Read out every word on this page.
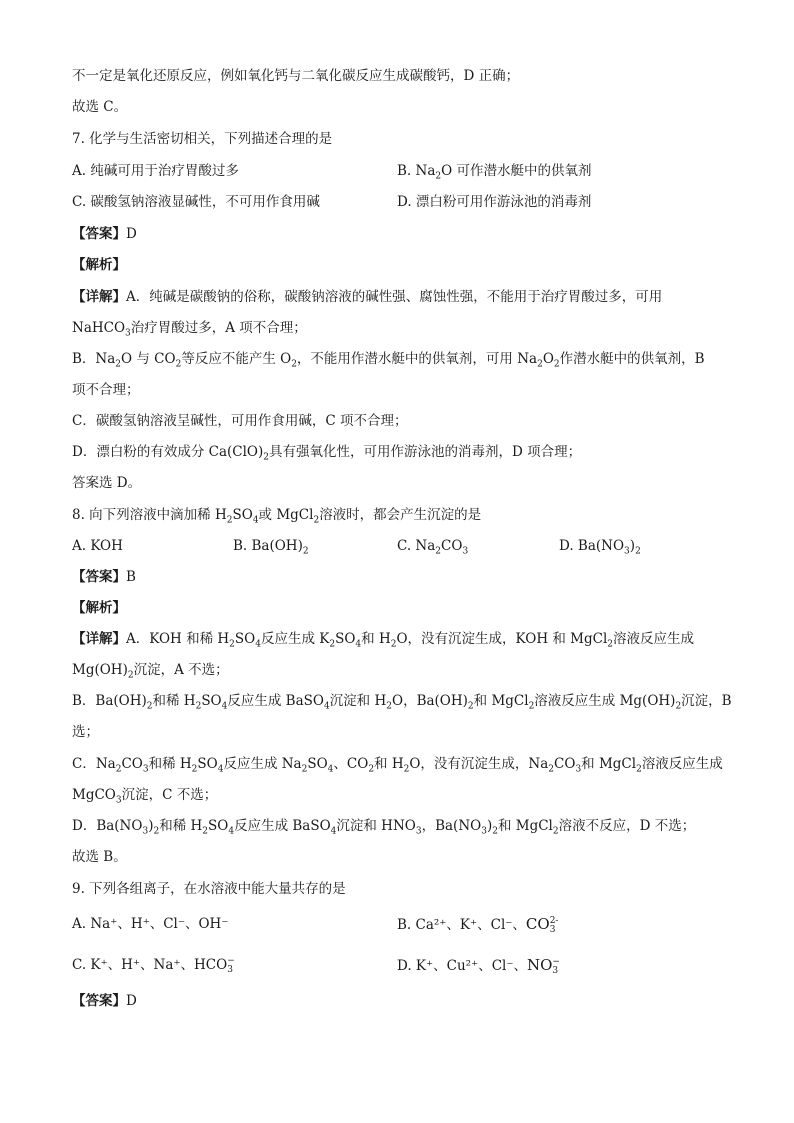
不一定是氧化还原反应，例如氧化钙与二氧化碳反应生成碳酸钙，D 正确；
故选 C。
7. 化学与生活密切相关，下列描述合理的是
A. 纯碱可用于治疗胃酸过多	B. $Na_2O$ 可作潜水艇中的供氧剂
C. 碳酸氢钠溶液显碱性，不可用作食用碱	D. 漂白粉可用作游泳池的消毒剂
【答案】D
【解析】
【详解】A．纯碱是碳酸钠的俗称，碳酸钠溶液的碱性强、腐蚀性强，不能用于治疗胃酸过多，可用
NaHCO$_3$治疗胃酸过多，A 项不合理；
B．$Na_2O$ 与 $CO_2$等反应不能产生 $O_2$，不能用作潜水艇中的供氧剂，可用 $Na_2O_2$作潜水艇中的供氧剂，B
项不合理；
C．碳酸氢钠溶液呈碱性，可用作食用碱，C 项不合理；
D．漂白粉的有效成分 $Ca(ClO)_2$具有强氧化性，可用作游泳池的消毒剂，D 项合理；
答案选 D。
8. 向下列溶液中滴加稀 $H_2SO_4$或 MgCl$_2$溶液时，都会产生沉淀的是
A. KOH	B. $Ba(OH)_2$	C. $Na_2CO_3$	D. $Ba(NO_3)_2$
【答案】B
【解析】
【详解】A．KOH 和稀 $H_2SO_4$反应生成 $K_2SO_4$和 $H_2O$，没有沉淀生成，KOH 和 MgCl$_2$溶液反应生成
$Mg(OH)_2$沉淀，A 不选；
B．$Ba(OH)_2$和稀 $H_2SO_4$反应生成 BaSO$_4$沉淀和 $H_2O$，$Ba(OH)_2$和 MgCl$_2$溶液反应生成 $Mg(OH)_2$沉淀，B
选；
C．$Na_2CO_3$和稀 $H_2SO_4$反应生成 $Na_2SO_4$、$CO_2$和 $H_2O$，没有沉淀生成，$Na_2CO_3$和 MgCl$_2$溶液反应生成
MgCO$_3$沉淀，C 不选；
D．$Ba(NO_3)_2$和稀 $H_2SO_4$反应生成 BaSO$_4$沉淀和 $HNO_3$，$Ba(NO_3)_2$和 MgCl$_2$溶液不反应，D 不选；
故选 B。
9. 下列各组离子，在水溶液中能大量共存的是
A. Na⁺、H⁺、Cl⁻、OH⁻	B. Ca²⁺、K⁺、Cl⁻、CO 2-
3
C. K⁺、H⁺、Na⁺、HCO −
3	D. K⁺、Cu²⁺、Cl⁻、NO −
3
【答案】D
